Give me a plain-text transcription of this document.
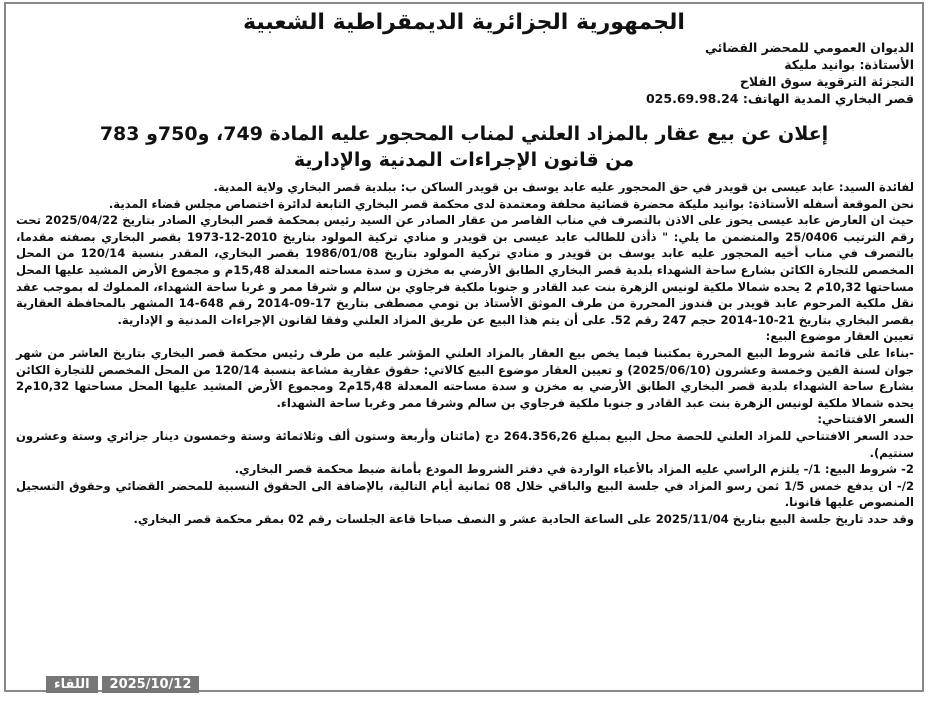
الجمهورية الجزائرية الديمقراطية الشعبية
الديوان العمومي للمحضر القضائي
الأستاذة: بوانيد مليكة
التجزئة الترقوية سوق الفلاح
قصر البخاري المدية الهاتف: 025.69.98.24
إعلان عن بيع عقار بالمزاد العلني لمناب المحجور عليه المادة 749، و750و 783
من قانون الإجراءات المدنية والإدارية

لفائدة السيد: عابد عيسى بن قويدر في حق المحجور عليه عابد يوسف بن قويدر الساكن ب: ببلدية قصر البخاري ولاية المدية.

نحن الموقعة أسفله الأستاذة: بوانيد مليكة محضرة قضائية محلفة ومعتمدة لدى محكمة قصر البخاري التابعة لدائرة اختصاص مجلس قضاء المدية.

حيث ان العارض عابد عيسى يحوز على الاذن بالتصرف في مناب القاصر من عقار الصادر عن السيد رئيس بمحكمة قصر البخاري الصادر بتاريخ 2025/04/22 تحت رقم الترتيب 25/0406 والمتضمن ما يلي: " ذأذن للطالب عابد عيسى بن قويدر و منادي تركية المولود بتاريخ 2010-12-1973 بقصر البخاري بصفته مقدما، بالتصرف في مناب أخيه المحجور عليه عابد يوسف بن قويدر و منادي تركية المولود بتاريخ 1986/01/08 بقصر البخاري، المقدر بنسبة 120/14 من المحل المخصص للتجارة الكائن بشارع ساحة الشهداء بلدية قصر البخاري الطابق الأرضي به مخزن و سدة مساحته المعدلة 15,48م و مجموع الأرض المشيد عليها المحل مساحتها 10,32م 2 يحده شمالا ملكية لونيس الزهرة بنت عبد القادر و جنوبا ملكية فرجاوي بن سالم و شرقا ممر و غربا ساحة الشهداء، المملوك له بموجب عقد نقل ملكية المرحوم عابد قويدر بن قندوز المحررة من طرف الموثق الأستاذ بن تومي مصطفى بتاريخ 17-09-2014 رقم 648-14 المشهر بالمحافظة العقارية بقصر البخاري بتاريخ 21-10-2014 حجم 247 رقم 52. على أن يتم هذا البيع عن طريق المزاد العلني وفقا لقانون الإجراءات المدنية و الإدارية.

تعيين العقار موضوع البيع:

-بناءا على قائمة شروط البيع المحررة بمكتبنا فيما يخص بيع العقار بالمزاد العلني المؤشر عليه من طرف رئيس محكمة قصر البخاري بتاريخ العاشر من شهر جوان لسنة الفين وخمسة وعشرون (2025/06/10) و تعيين العقار موضوع البيع كالاتي: حقوق عقارية مشاعة بنسبة 120/14 من المحل المخصص للتجارة الكائن بشارع ساحة الشهداء بلدية قصر البخاري الطابق الأرضي به مخزن و سدة مساحته المعدلة 15,48م2 ومجموع الأرض المشيد عليها المحل مساحتها 10,32م2 يحده شمالا ملكية لونيس الزهرة بنت عبد القادر و جنوبا ملكية فرجاوي بن سالم وشرقا ممر وغربا ساحة الشهداء.

السعر الافتتاحي:

حدد السعر الافتتاحي للمزاد العلني للحصة محل البيع بمبلغ 264.356,26 دج (مائتان وأربعة وستون ألف وثلاثمائة وستة وخمسون دينار جزائري وستة وعشرون سنتيم).

2- شروط البيع: 1/- يلتزم الراسي عليه المزاد بالأعباء الواردة في دفتر الشروط المودع بأمانة ضبط محكمة قصر البخاري.

2/- ان يدفع خمس 1/5 ثمن رسو المزاد في جلسة البيع والباقي خلال 08 ثمانية أيام التالية، بالإضافة الى الحقوق النسبية للمحضر القضائي وحقوق التسجيل المنصوص عليها قانونا.

وقد حدد تاريخ جلسة البيع بتاريخ 2025/11/04 على الساعة الحادية عشر و النصف صباحا قاعة الجلسات رقم 02 بمقر محكمة قصر البخاري.

اللقاء	2025/10/12
